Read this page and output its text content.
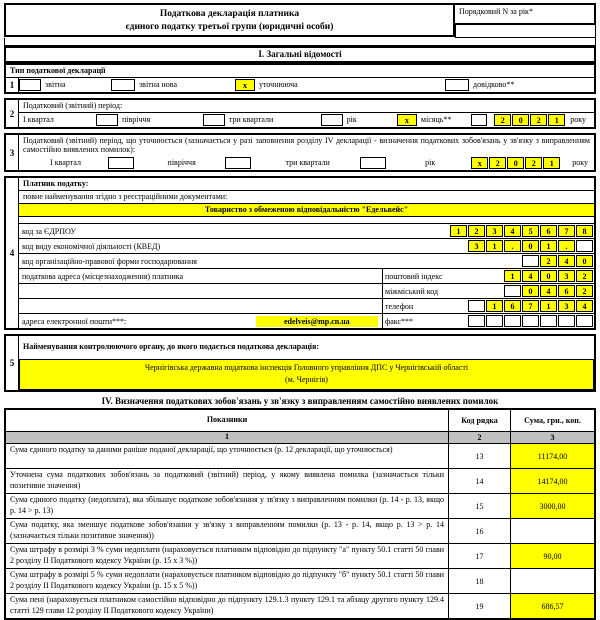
Податкова декларація платника
єдиного податку третьої групи (юридичні особи)
Порядковий N за рік*
І. Загальні відомості
Тип податкової декларації
1	звітна	звітна нова	x	уточнююча	довідково**
2
Податковий (звітний) період:
І квартал	півріччя	три квартали	рік	x	місяць**	2	0	2	1	року
3
Податковий (звітний) період, що уточнюється (зазначається у разі заповнення розділу IV декларації - визначення податкових зобов'язань у зв'язку з виправленням самостійно виявлених помилок):
І квартал	півріччя	три квартали	рік	x	2	0	2	1	року
4
Платник податку:
повне найменування згідно з реєстраційними документами:
Товариство з обмеженою відповідальністю "Едельвейс"
код за ЄДРПОУ	1	2	3	4	5	6	7	8
код виду економічної діяльності (КВЕД)	3	1	.	0	1	.
код організаційно-правової форми господарювання	2	4	0
податкова адреса (місцезнаходження) платника	поштовий індекс	1	4	0	3	2
міжміський код	0	4	6	2
телефон	1	6	7	1	3	4
адреса електронної пошти***:	edelveis@mp.cn.ua	факс***
5
Найменування контролюючого органу, до якого подається податкова декларація:
Чернігівська державна податкова інспекція Головного управління ДПС у Чернігівській області
(м. Чернігів)
IV. Визначення податкових зобов'язань у зв'язку з виправленням самостійно виявлених помилок
Показники	Код рядка	Сума, грн., коп.
1	2	3
Сума єдиного податку за даними раніше поданої декларації, що уточнюється (р. 12 декларації, що уточнюється)
13	11174,00
Уточнена сума податкових зобов'язань за податковий (звітний) період, у якому виявлена помилка (зазначається тільки позитивне значення)	14	14174,00
Сума єдиного податку (недоплата), яка збільшує податкове зобов'язання у зв'язку з виправленням помилки (р. 14 - р. 13, якщо р. 14 > р. 13)	15	3000,00
Сума податку, яка зменшує податкове зобов'язання у зв'язку з виправленням помилки (р. 13 - р. 14, якщо р. 13 > р. 14 (зазначається тільки позитивне значення))	16
Сума штрафу в розмірі 3 % суми недоплати (нараховується платником відповідно до підпункту "а" пункту 50.1 статті 50 глави 2 розділу II Податкового кодексу України (р. 15 х 3 %))	17	90,00
Сума штрафу в розмірі 5 % суми недоплати (нараховується платником відповідно до підпункту "б" пункту 50.1 статті 50 глави 2 розділу II Податкового кодексу України (р. 15 х 5 %))	18
Сума пені (нараховується платником самостійно відповідно до підпункту 129.1.3 пункту 129.1 та абзацу другого пункту 129.4 статті 129 глави 12 розділу II Податкового кодексу України)	19	686,57
